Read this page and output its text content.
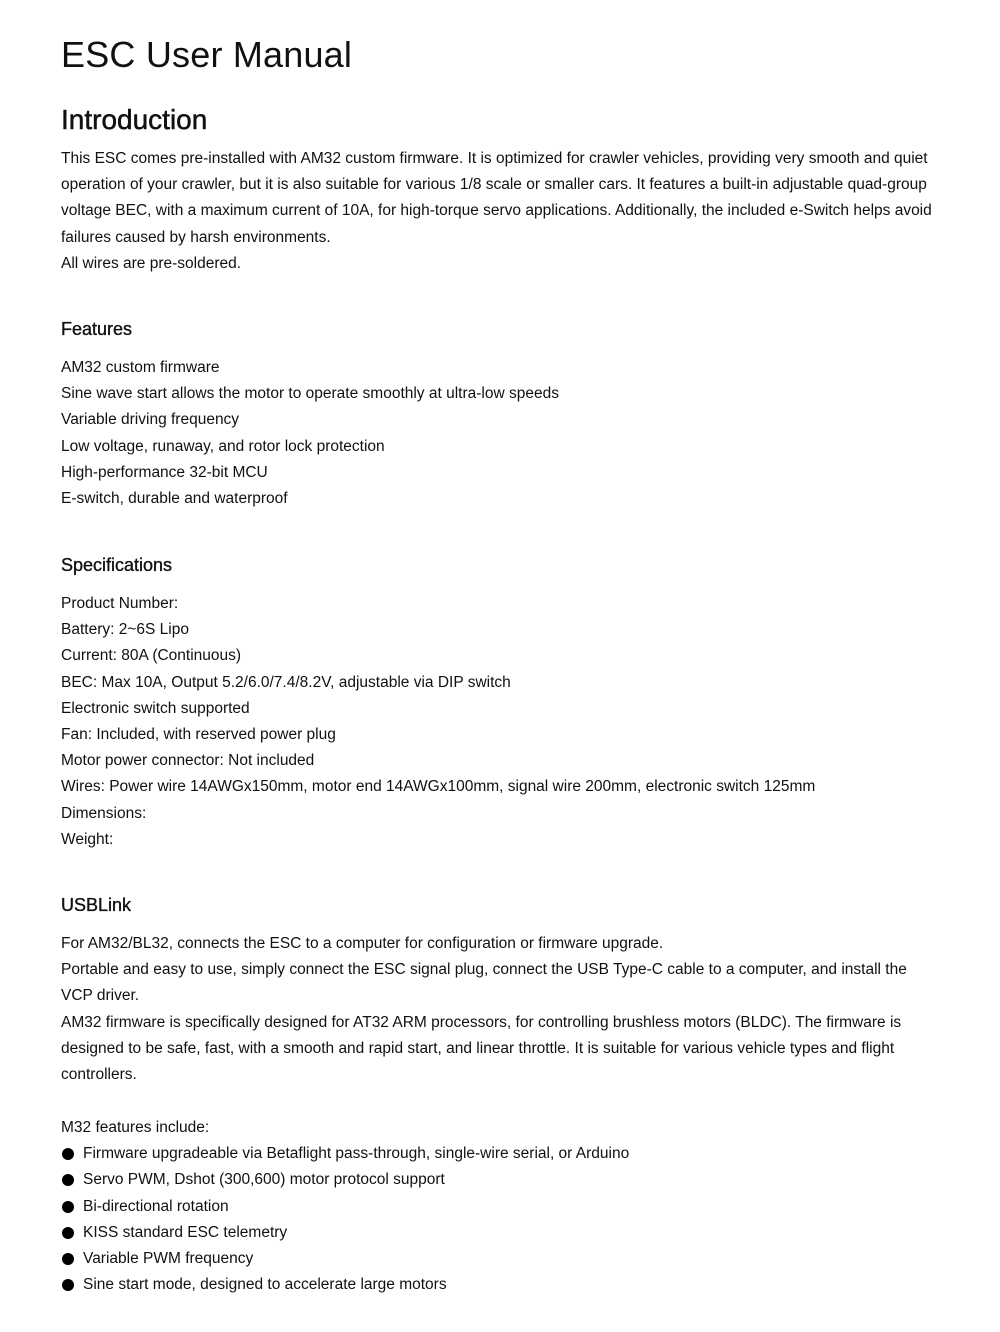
ESC User Manual
Introduction

This ESC comes pre-installed with AM32 custom firmware. It is optimized for crawler vehicles, providing very smooth and quiet operation of your crawler, but it is also suitable for various 1/8 scale or smaller cars. It features a built-in adjustable quad-group voltage BEC, with a maximum current of 10A, for high-torque servo applications. Additionally, the included e-Switch helps avoid failures caused by harsh environments.

All wires are pre-soldered.

Features
AM32 custom firmware
Sine wave start allows the motor to operate smoothly at ultra-low speeds
Variable driving frequency
Low voltage, runaway, and rotor lock protection
High-performance 32-bit MCU
E-switch, durable and waterproof
Specifications
Product Number:
Battery: 2~6S Lipo
Current: 80A (Continuous)
BEC: Max 10A, Output 5.2/6.0/7.4/8.2V, adjustable via DIP switch
Electronic switch supported
Fan: Included, with reserved power plug
Motor power connector: Not included
Wires: Power wire 14AWGx150mm, motor end 14AWGx100mm, signal wire 200mm, electronic switch 125mm
Dimensions:
Weight:
USBLink

For AM32/BL32, connects the ESC to a computer for configuration or firmware upgrade.

Portable and easy to use, simply connect the ESC signal plug, connect the USB Type-C cable to a computer, and install the VCP driver.

AM32 firmware is specifically designed for AT32 ARM processors, for controlling brushless motors (BLDC). The firmware is designed to be safe, fast, with a smooth and rapid start, and linear throttle. It is suitable for various vehicle types and flight controllers.

M32 features include:
Firmware upgradeable via Betaflight pass-through, single-wire serial, or Arduino
Servo PWM, Dshot (300,600) motor protocol support
Bi-directional rotation
KISS standard ESC telemetry
Variable PWM frequency
Sine start mode, designed to accelerate large motors
